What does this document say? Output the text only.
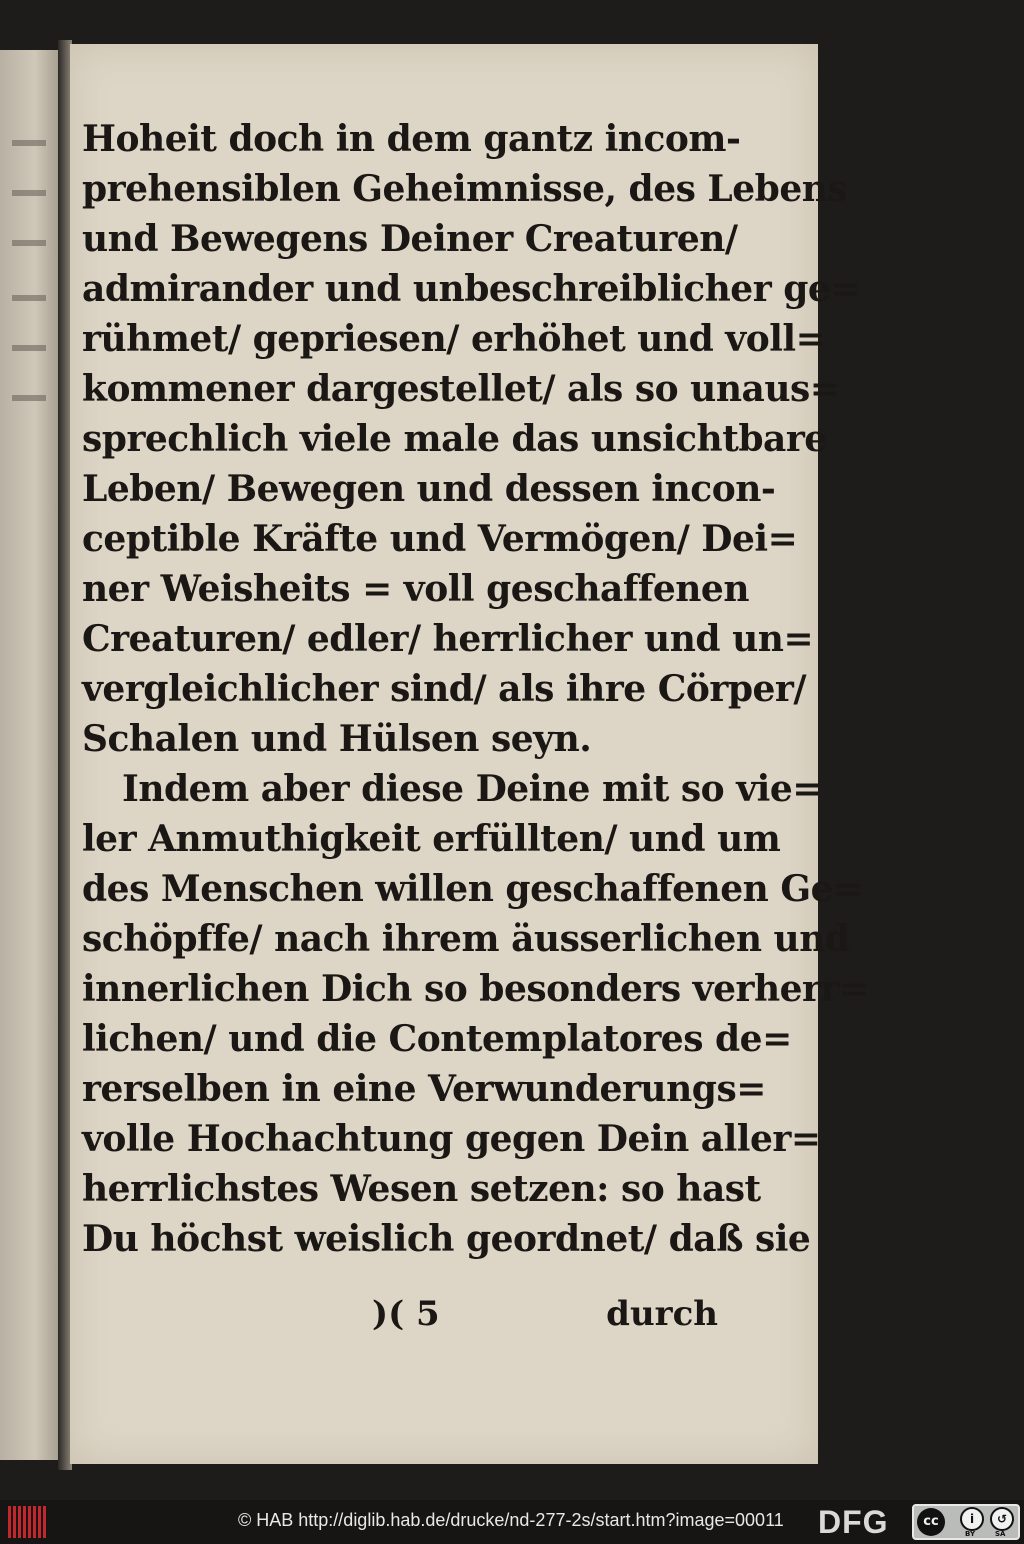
Hoheit doch in dem gantz incom-
prehensiblen Geheimnisse, des Lebens
und Bewegens Deiner Creaturen/
admirander und unbeschreiblicher ge=
rühmet/ gepriesen/ erhöhet und voll=
kommener dargestellet/ als so unaus=
sprechlich viele male das unsichtbare
Leben/ Bewegen und dessen incon-
ceptible Kräfte und Vermögen/ Dei=
ner Weisheits = voll geschaffenen
Creaturen/ edler/ herrlicher und un=
vergleichlicher sind/ als ihre Cörper/
Schalen und Hülsen seyn.
Indem aber diese Deine mit so vie=
ler Anmuthigkeit erfüllten/ und um
des Menschen willen geschaffenen Ge=
schöpffe/ nach ihrem äusserlichen und
innerlichen Dich so besonders verherr=
lichen/ und die Contemplatores de=
rerselben in eine Verwunderungs=
volle Hochachtung gegen Dein aller=
herrlichstes Wesen setzen: so hast
Du höchst weislich geordnet/ daß sie
)( 5	durch
© HAB http://diglib.hab.de/drucke/nd-277-2s/start.htm?image=00011 DFG	cc	i
BY
↺
SA
